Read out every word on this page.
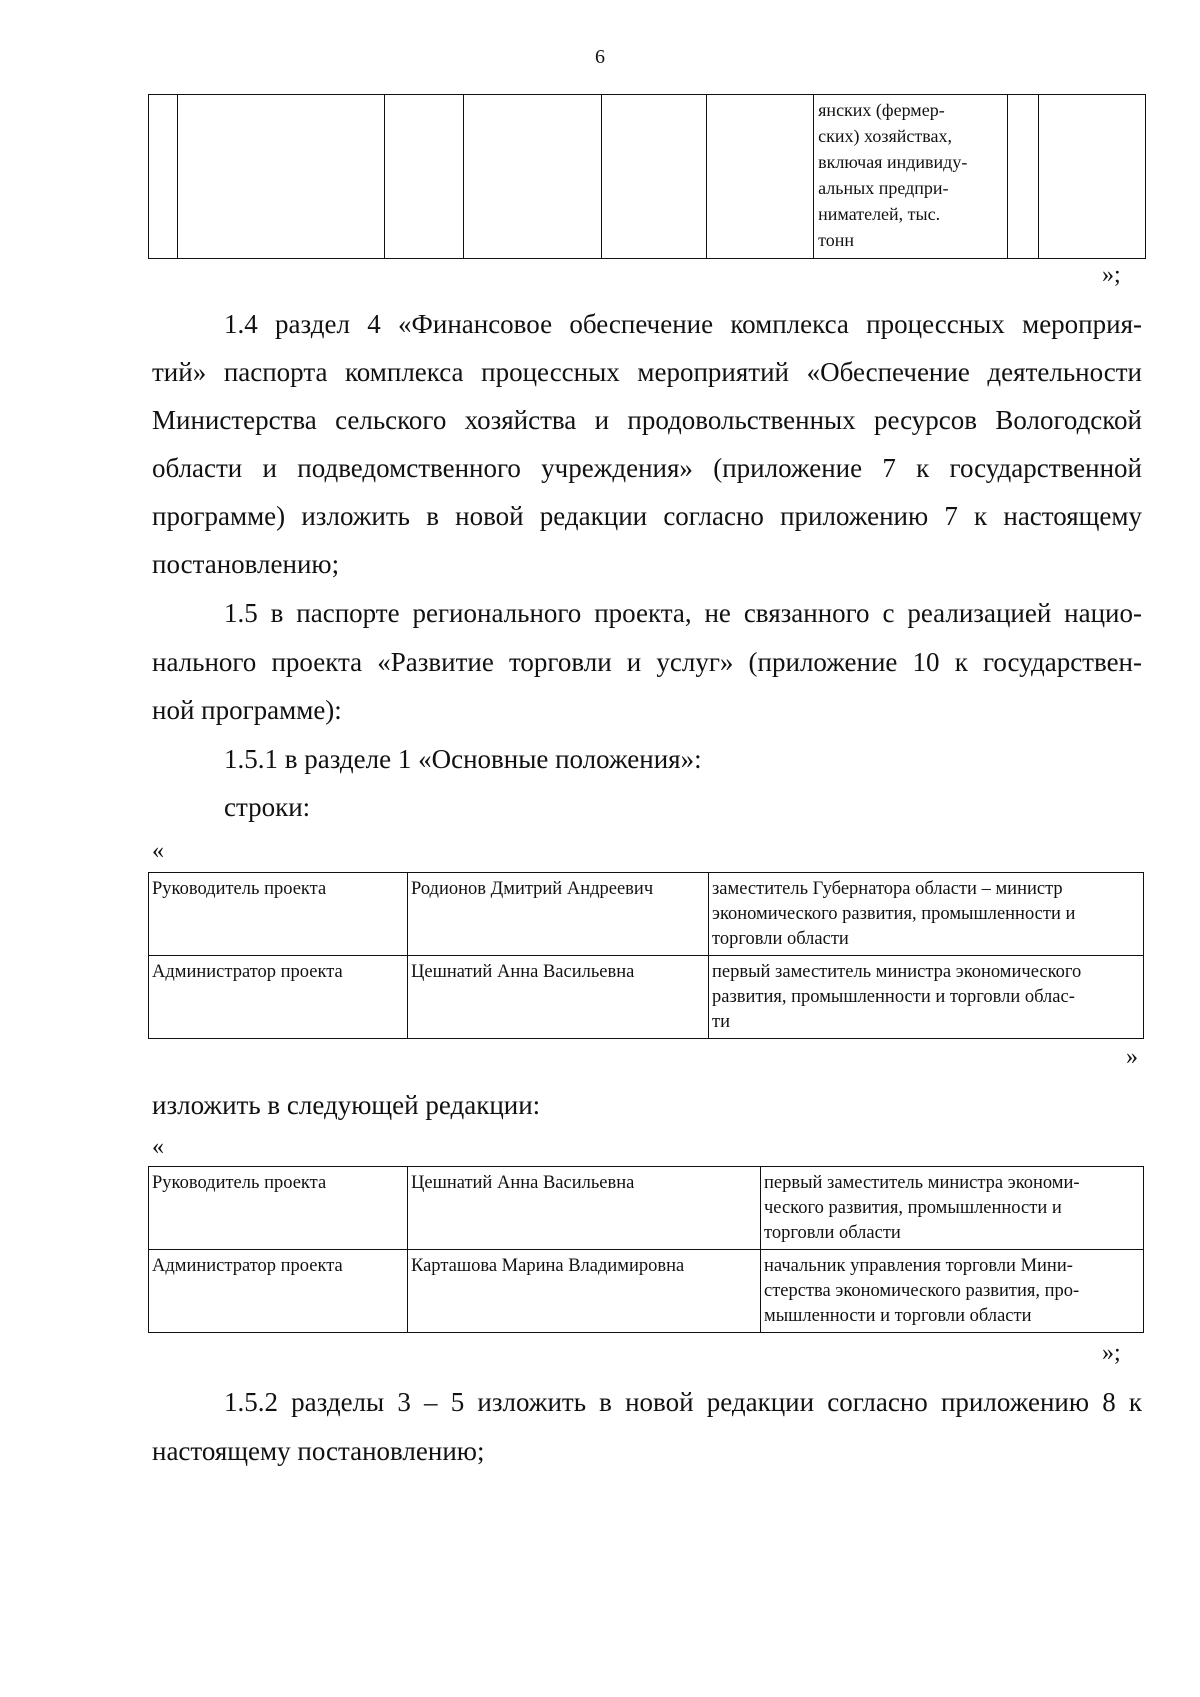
6

янских (фермер-
ских) хозяйствах,
включая индивиду-
альных предпри-
нимателей, тыс.
тонн

»;
1.4 раздел 4 «Финансовое обеспечение комплекса процессных мероприя-
тий» паспорта комплекса процессных мероприятий «Обеспечение деятельности
Министерства сельского хозяйства и продовольственных ресурсов Вологодской
области и подведомственного учреждения» (приложение 7 к государственной
программе) изложить в новой редакции согласно приложению 7 к настоящему
постановлению;
1.5 в паспорте регионального проекта, не связанного с реализацией нацио-
нального проекта «Развитие торговли и услуг» (приложение 10 к государствен-
ной программе):
1.5.1 в разделе 1 «Основные положения»:
строки:
«
Руководитель проекта	Родионов Дмитрий Андреевич	заместитель Губернатора области – министр
экономического развития, промышленности и
торговли области

Администратор проекта	Цешнатий Анна Васильевна	первый заместитель министра экономического
развития, промышленности и торговли облас-
ти
»
изложить в следующей редакции:
«
Руководитель проекта	Цешнатий Анна Васильевна	первый заместитель министра экономи-
ческого развития, промышленности и
торговли области

Администратор проекта	Карташова Марина Владимировна	начальник управления торговли Мини-
стерства экономического развития, про-
мышленности и торговли области
»;
1.5.2 разделы 3 – 5 изложить в новой редакции согласно приложению 8 к
настоящему постановлению;
